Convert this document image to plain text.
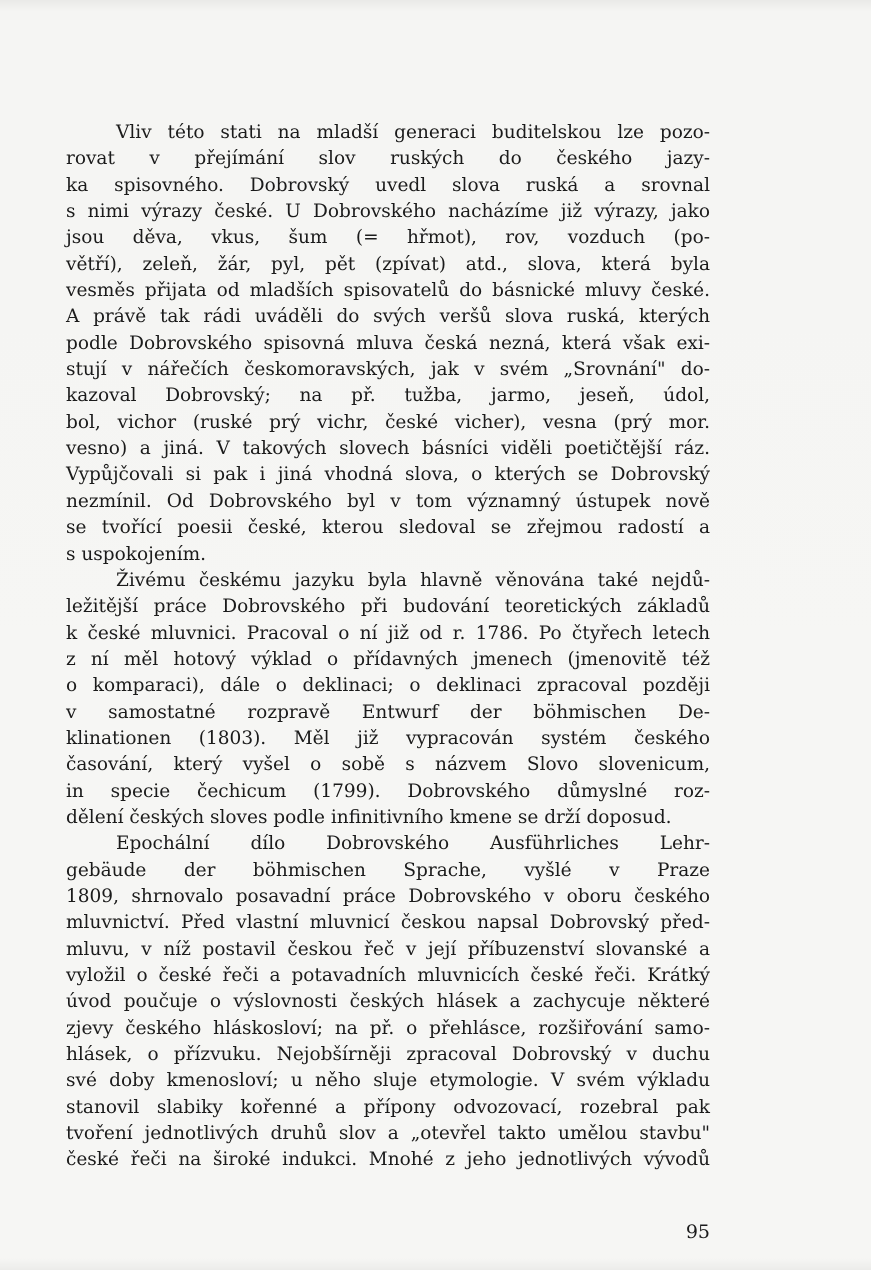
Vliv této stati na mladší generaci buditelskou lze pozo-
rovat v přejímání slov ruských do českého jazy-
ka spisovného. Dobrovský uvedl slova ruská a srovnal
s nimi výrazy české. U Dobrovského nacházíme již výrazy, jako
jsou děva, vkus, šum (= hřmot), rov, vozduch (po-
větří), zeleň, žár, pyl, pět (zpívat) atd., slova, která byla
vesměs přijata od mladších spisovatelů do básnické mluvy české.
A právě tak rádi uváděli do svých veršů slova ruská, kterých
podle Dobrovského spisovná mluva česká nezná, která však exi-
stují v nářečích českomoravských, jak v svém „Srovnání" do-
kazoval Dobrovský; na př. tužba, jarmo, jeseň, údol,
bol, vichor (ruské prý vichr, české vicher), vesna (prý mor.
vesno) a jiná. V takových slovech básníci viděli poetičtější ráz.
Vypůjčovali si pak i jiná vhodná slova, o kterých se Dobrovský
nezmínil. Od Dobrovského byl v tom významný ústupek nově
se tvořící poesii české, kterou sledoval se zřejmou radostí a
s uspokojením.
Živému českému jazyku byla hlavně věnována také nejdů-
ležitější práce Dobrovského při budování teoretických základů
k české mluvnici. Pracoval o ní již od r. 1786. Po čtyřech letech
z ní měl hotový výklad o přídavných jmenech (jmenovitě též
o komparaci), dále o deklinaci; o deklinaci zpracoval později
v samostatné rozpravě Entwurf der böhmischen De-
klinationen (1803). Měl již vypracován systém českého
časování, který vyšel o sobě s názvem Slovo slovenicum,
in specie čechicum (1799). Dobrovského důmyslné roz-
dělení českých sloves podle infinitivního kmene se drží doposud.
Epochální dílo Dobrovského Ausführliches Lehr-
gebäude der böhmischen Sprache, vyšlé v Praze
1809, shrnovalo posavadní práce Dobrovského v oboru českého
mluvnictví. Před vlastní mluvnicí českou napsal Dobrovský před-
mluvu, v níž postavil českou řeč v její příbuzenství slovanské a
vyložil o české řeči a potavadních mluvnicích české řeči. Krátký
úvod poučuje o výslovnosti českých hlásek a zachycuje některé
zjevy českého hláskosloví; na př. o přehlásce, rozšiřování samo-
hlásek, o přízvuku. Nejobšírněji zpracoval Dobrovský v duchu
své doby kmenosloví; u něho sluje etymologie. V svém výkladu
stanovil slabiky kořenné a přípony odvozovací, rozebral pak
tvoření jednotlivých druhů slov a „otevřel takto umělou stavbu"
české řeči na široké indukci. Mnohé z jeho jednotlivých vývodů
95
